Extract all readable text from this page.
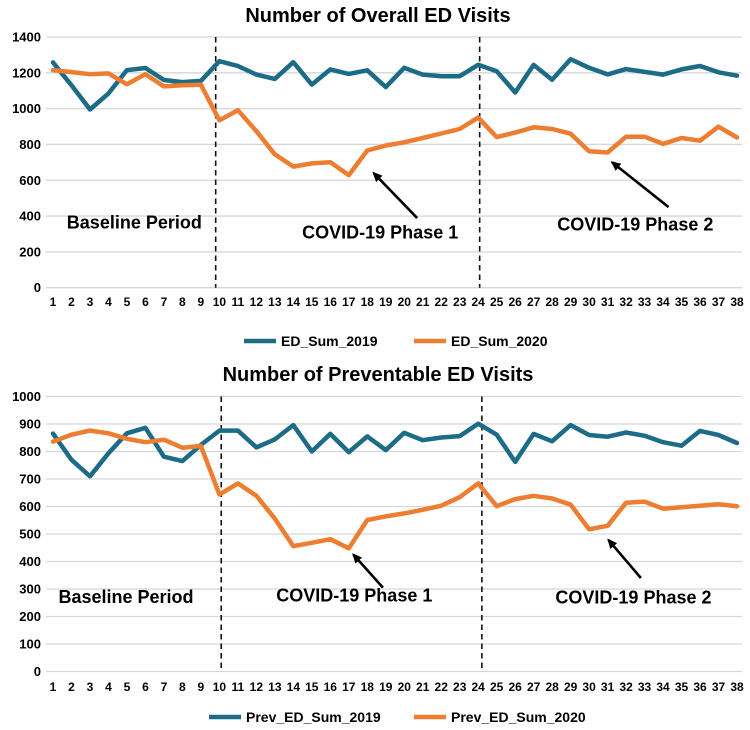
Number of Overall ED Visits
0
200
400
600
800
1000
1200
1400
1 2 3 4 5 6 7 8 9 10 11 12 13 14 15 16 17 18 19 20 21 22 23 24 25 26 27 28 29 30 31 32 33 34 35 36 37 38
Baseline Period	COVID-19 Phase 1	COVID-19 Phase 2
ED_Sum_2019	ED_Sum_2020
Number of Preventable ED Visits
0
100
200
300
400
500
600
700
800
900
1000
1 2 3 4 5 6 7 8 9 10 11 12 13 14 15 16 17 18 19 20 21 22 23 24 25 26 27 28 29 30 31 32 33 34 35 36 37 38
Baseline Period	COVID-19 Phase 1	COVID-19 Phase 2
Prev_ED_Sum_2019	Prev_ED_Sum_2020
